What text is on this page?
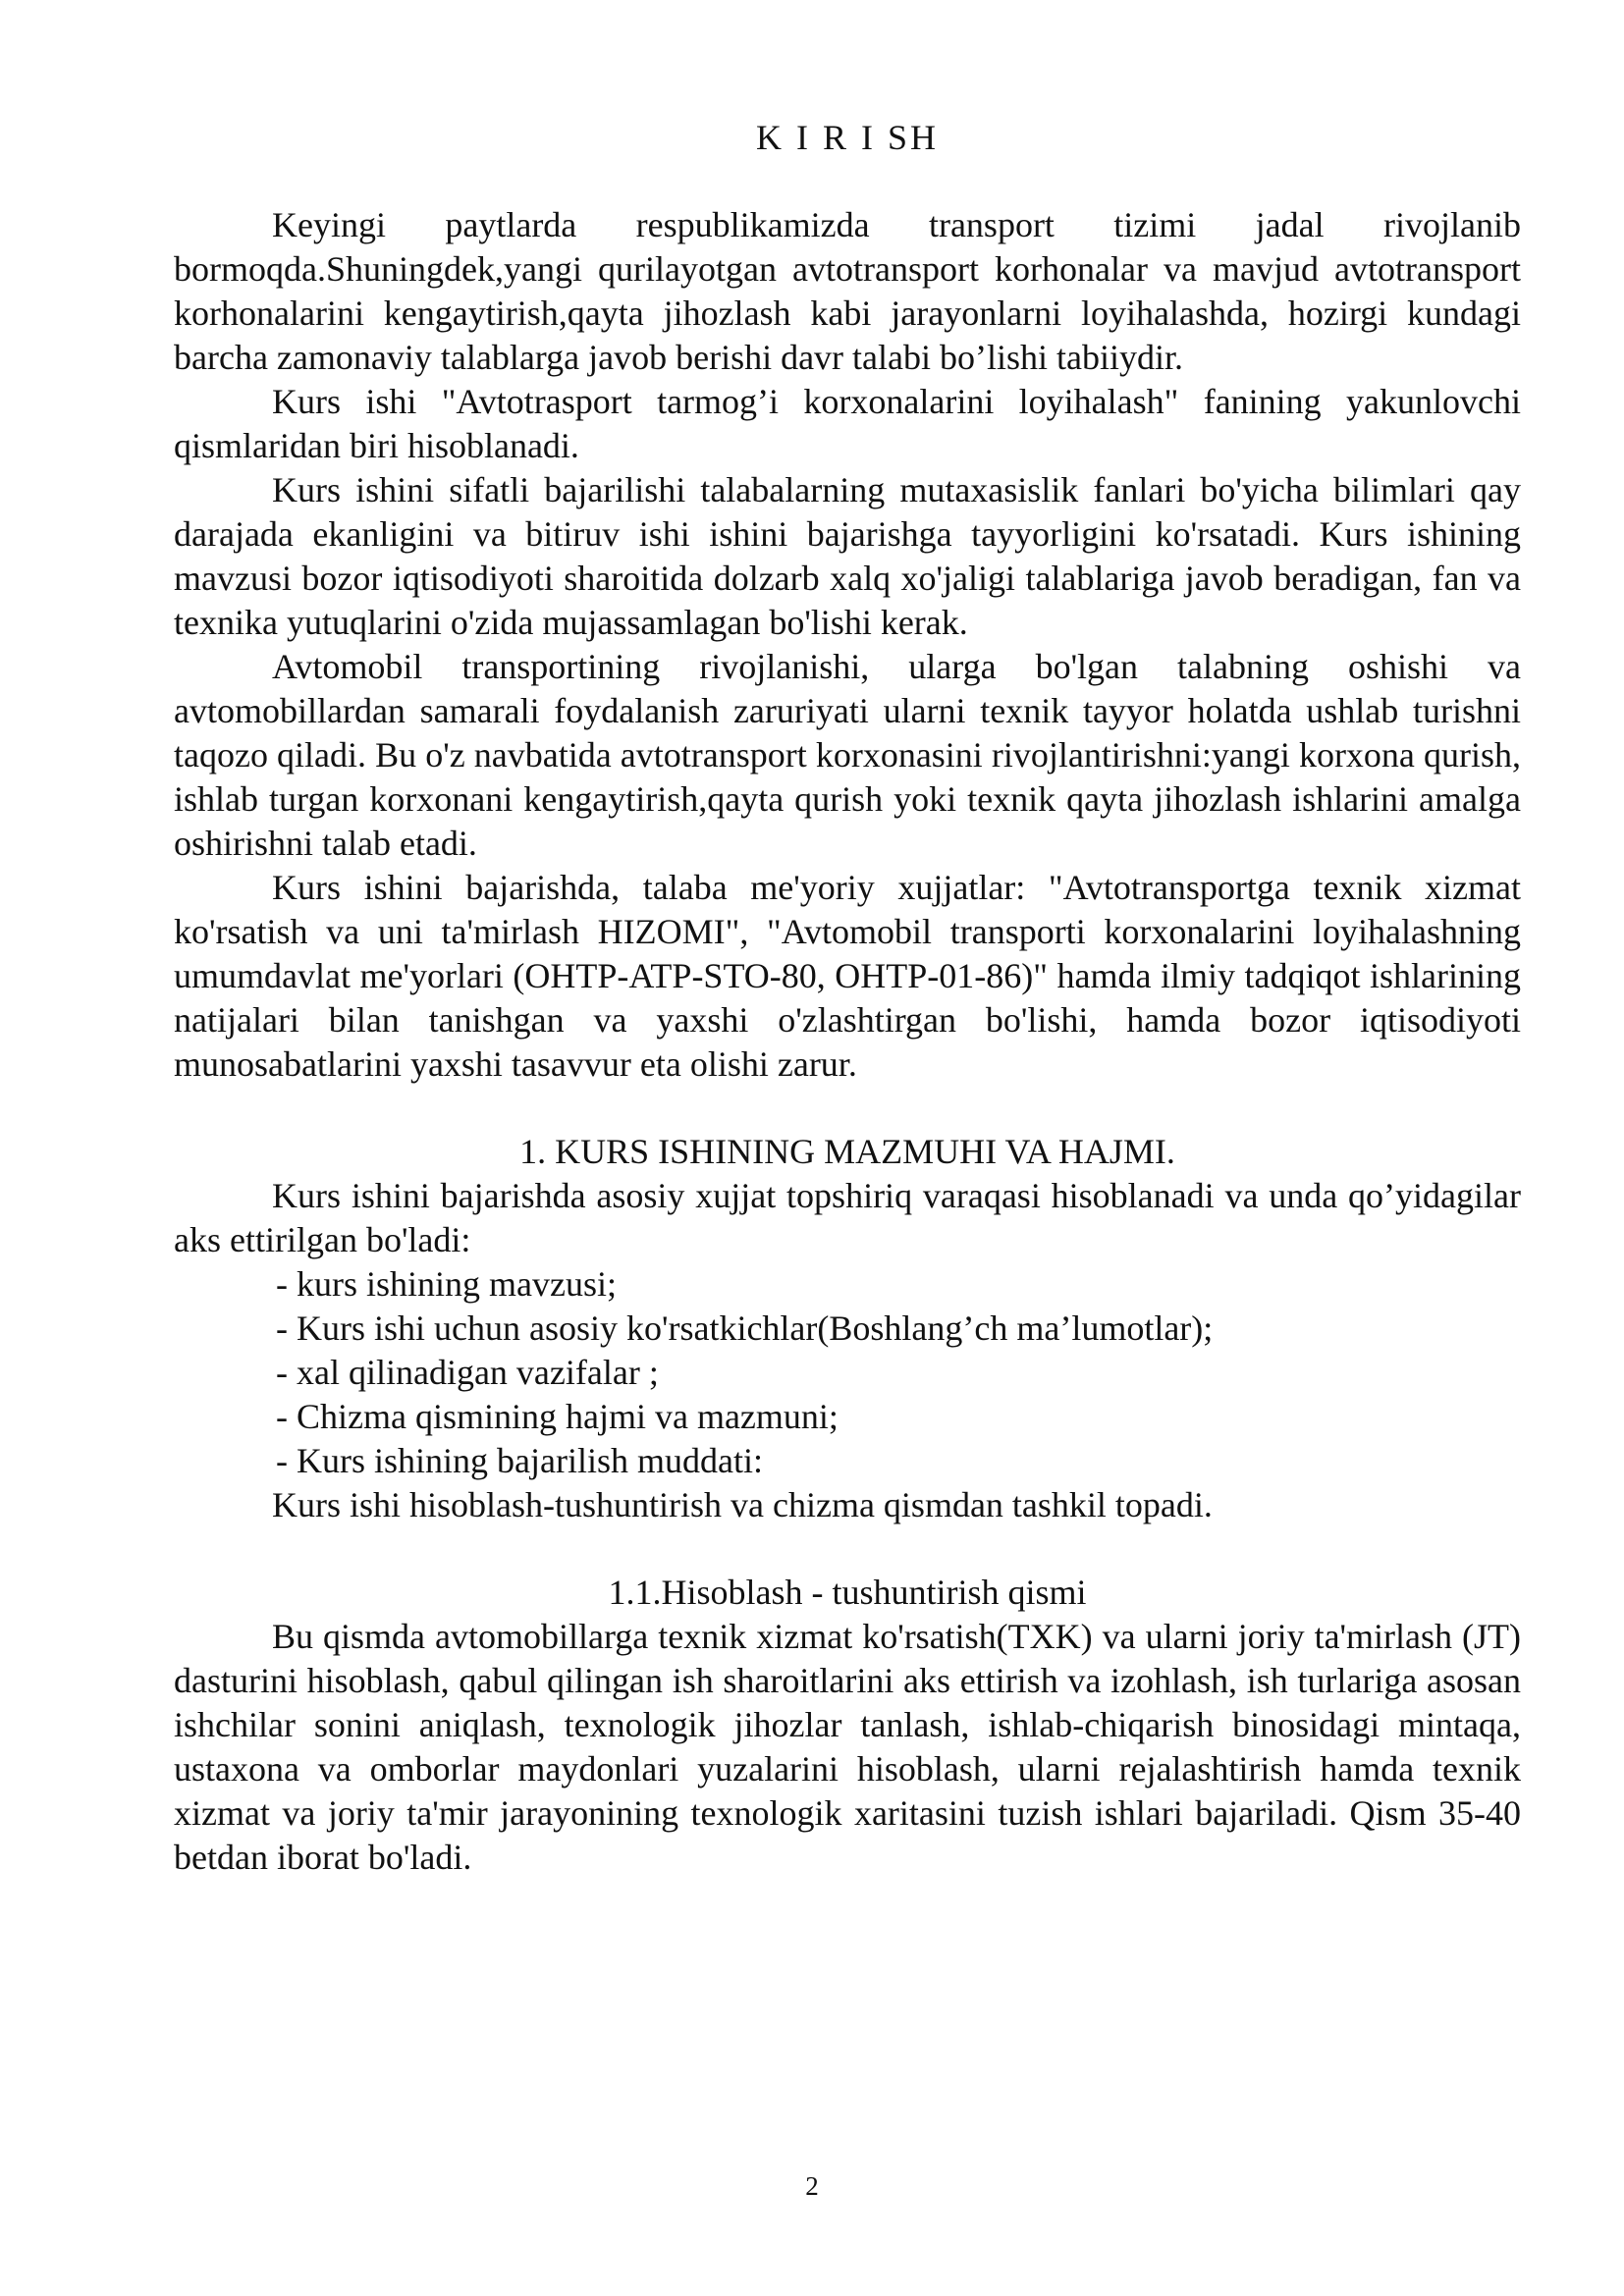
K I R I SH

Keyingi paytlarda respublikamizda transport tizimi jadal rivojlanib bormoqda.Shuningdek,yangi qurilayotgan avtotransport korhonalar va mavjud avtotransport korhonalarini kengaytirish,qayta jihozlash kabi jarayonlarni loyihalashda, hozirgi kundagi barcha zamonaviy talablarga javob berishi davr talabi bo’lishi tabiiydir.

Kurs ishi "Avtotrasport tarmog’i korxonalarini loyihalash" fanining yakunlovchi qismlaridan biri hisoblanadi.

Kurs ishini sifatli bajarilishi talabalarning mutaxasislik fanlari bo'yicha bilimlari qay darajada ekanligini va bitiruv ishi ishini bajarishga tayyorligini ko'rsatadi. Kurs ishining mavzusi bozor iqtisodiyoti sharoitida dolzarb xalq xo'jaligi talablariga javob beradigan, fan va texnika yutuqlarini o'zida mujassamlagan bo'lishi kerak.

Avtomobil transportining rivojlanishi, ularga bo'lgan talabning oshishi va avtomobillardan samarali foydalanish zaruriyati ularni texnik tayyor holatda ushlab turishni taqozo qiladi. Bu o'z navbatida avtotransport korxonasini rivojlantirishni:yangi korxona qurish, ishlab turgan korxonani kengaytirish,qayta qurish yoki texnik qayta jihozlash ishlarini amalga oshirishni talab etadi.

Kurs ishini bajarishda, talaba me'yoriy xujjatlar: "Avtotransportga texnik xizmat ko'rsatish va uni ta'mirlash HIZOMI", "Avtomobil transporti korxonalarini loyihalashning umumdavlat me'yorlari (OHTP-ATP-STO-80, OHTP-01-86)" hamda ilmiy tadqiqot ishlarining natijalari bilan tanishgan va yaxshi o'zlashtirgan bo'lishi, hamda bozor iqtisodiyoti munosabatlarini yaxshi tasavvur eta olishi zarur.

1. KURS ISHINING MAZMUHI VA HAJMI.

Kurs ishini bajarishda asosiy xujjat topshiriq varaqasi hisoblanadi va unda qo’yidagilar aks ettirilgan bo'ladi:

- kurs ishining mavzusi;
- Kurs ishi uchun asosiy ko'rsatkichlar(Boshlang’ch ma’lumotlar);
- xal qilinadigan vazifalar ;
- Chizma qismining hajmi va mazmuni;
- Kurs ishining bajarilish muddati:

Kurs ishi hisoblash-tushuntirish va chizma qismdan tashkil topadi.

1.1.Hisoblash - tushuntirish qismi

Bu qismda avtomobillarga texnik xizmat ko'rsatish(TXK) va ularni joriy ta'mirlash (JT) dasturini hisoblash, qabul qilingan ish sharoitlarini aks ettirish va izohlash, ish turlariga asosan ishchilar sonini aniqlash, texnologik jihozlar tanlash, ishlab-chiqarish binosidagi mintaqa, ustaxona va omborlar maydonlari yuzalarini hisoblash, ularni rejalashtirish hamda texnik xizmat va joriy ta'mir jarayonining texnologik xaritasini tuzish ishlari bajariladi. Qism 35-40 betdan iborat bo'ladi.

2
